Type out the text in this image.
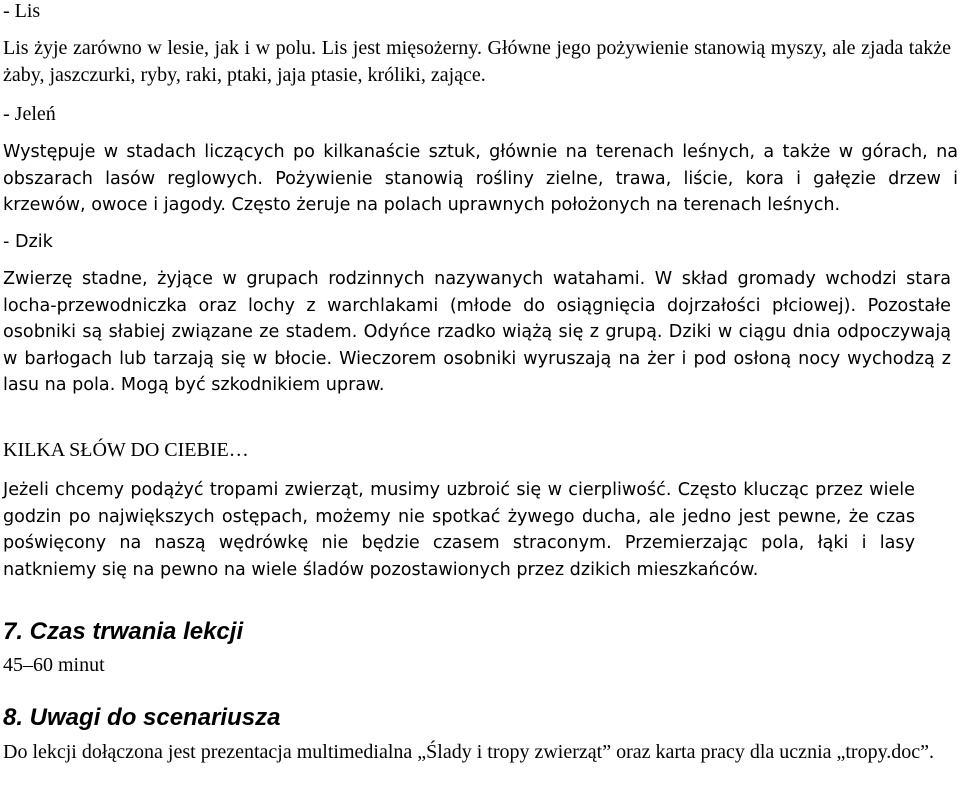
- Lis

Lis żyje zarówno w lesie, jak i w polu. Lis jest mięsożerny. Główne jego pożywienie stanowią myszy, ale zjada także żaby, jaszczurki, ryby, raki, ptaki, jaja ptasie, króliki, zające.

- Jeleń

Występuje w stadach liczących po kilkanaście sztuk, głównie na terenach leśnych, a także w górach, na obszarach lasów reglowych. Pożywienie stanowią rośliny zielne, trawa, liście, kora i gałęzie drzew i krzewów, owoce i jagody. Często żeruje na polach uprawnych położonych na terenach leśnych.

- Dzik

Zwierzę stadne, żyjące w grupach rodzinnych nazywanych watahami. W skład gromady wchodzi stara locha-przewodniczka oraz lochy z warchlakami (młode do osiągnięcia dojrzałości płciowej). Pozostałe osobniki są słabiej związane ze stadem. Odyńce rzadko wiążą się z grupą. Dziki w ciągu dnia odpoczywają w barłogach lub tarzają się w błocie. Wieczorem osobniki wyruszają na żer i pod osłoną nocy wychodzą z lasu na pola. Mogą być szkodnikiem upraw.

KILKA SŁÓW DO CIEBIE…

Jeżeli chcemy podążyć tropami zwierząt, musimy uzbroić się w cierpliwość. Często klucząc przez wiele godzin po największych ostępach, możemy nie spotkać żywego ducha, ale jedno jest pewne, że czas poświęcony na naszą wędrówkę nie będzie czasem straconym. Przemierzając pola, łąki i lasy natkniemy się na pewno na wiele śladów pozostawionych przez dzikich mieszkańców.

7. Czas trwania lekcji

45–60 minut

8. Uwagi do scenariusza

Do lekcji dołączona jest prezentacja multimedialna „Ślady i tropy zwierząt” oraz karta pracy dla ucznia „tropy.doc”.
